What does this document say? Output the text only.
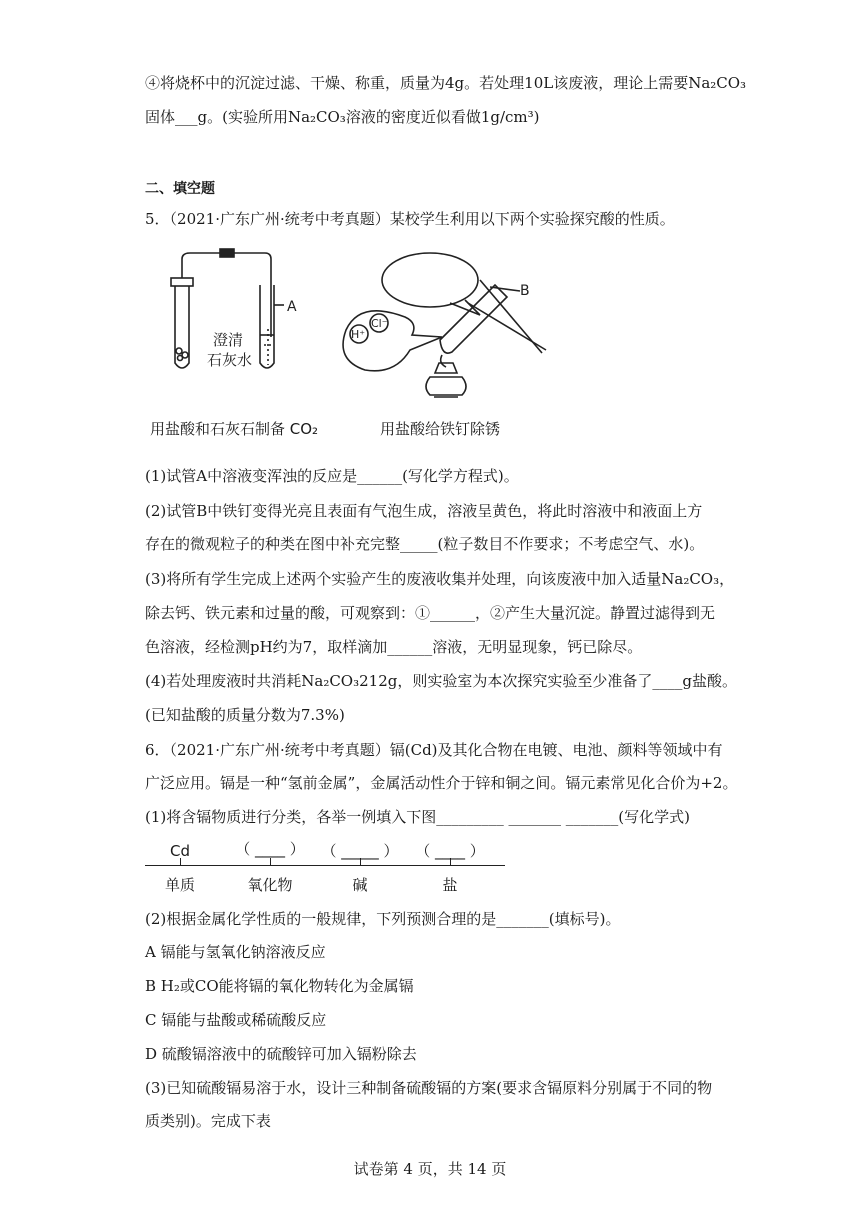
④将烧杯中的沉淀过滤、干燥、称重，质量为4g。若处理10L该废液，理论上需要Na₂CO₃
固体___g。(实验所用Na₂CO₃溶液的密度近似看做1g/cm³)
二、填空题
5．（2021·广东广州·统考中考真题）某校学生利用以下两个实验探究酸的性质。
A
B
澄清
石灰水
Cl⁻
H⁺
用盐酸和石灰石制备 CO₂	用盐酸给铁钉除锈
(1)试管A中溶液变浑浊的反应是______(写化学方程式)。
(2)试管B中铁钉变得光亮且表面有气泡生成，溶液呈黄色，将此时溶液中和液面上方
存在的微观粒子的种类在图中补充完整_____(粒子数目不作要求；不考虑空气、水)。
(3)将所有学生完成上述两个实验产生的废液收集并处理，向该废液中加入适量Na₂CO₃，
除去钙、铁元素和过量的酸，可观察到：①______，②产生大量沉淀。静置过滤得到无
色溶液，经检测pH约为7，取样滴加______溶液，无明显现象，钙已除尽。
(4)若处理废液时共消耗Na₂CO₃212g，则实验室为本次探究实验至少准备了____g盐酸。
(已知盐酸的质量分数为7.3%)
6．（2021·广东广州·统考中考真题）镉(Cd)及其化合物在电镀、电池、颜料等领域中有
广泛应用。镉是一种“氢前金属”，金属活动性介于锌和铜之间。镉元素常见化合价为+2。
(1)将含镉物质进行分类，各举一例填入下图_________ _______ _______(写化学式)
Cd	（ ____ ）	（ _____ ）	（ ____ ）
单质	氧化物	碱	盐
(2)根据金属化学性质的一般规律，下列预测合理的是_______(填标号)。
A 镉能与氢氧化钠溶液反应
B H₂或CO能将镉的氧化物转化为金属镉
C 镉能与盐酸或稀硫酸反应
D 硫酸镉溶液中的硫酸锌可加入镉粉除去
(3)已知硫酸镉易溶于水，设计三种制备硫酸镉的方案(要求含镉原料分别属于不同的物
质类别)。完成下表
试卷第 4 页，共 14 页
